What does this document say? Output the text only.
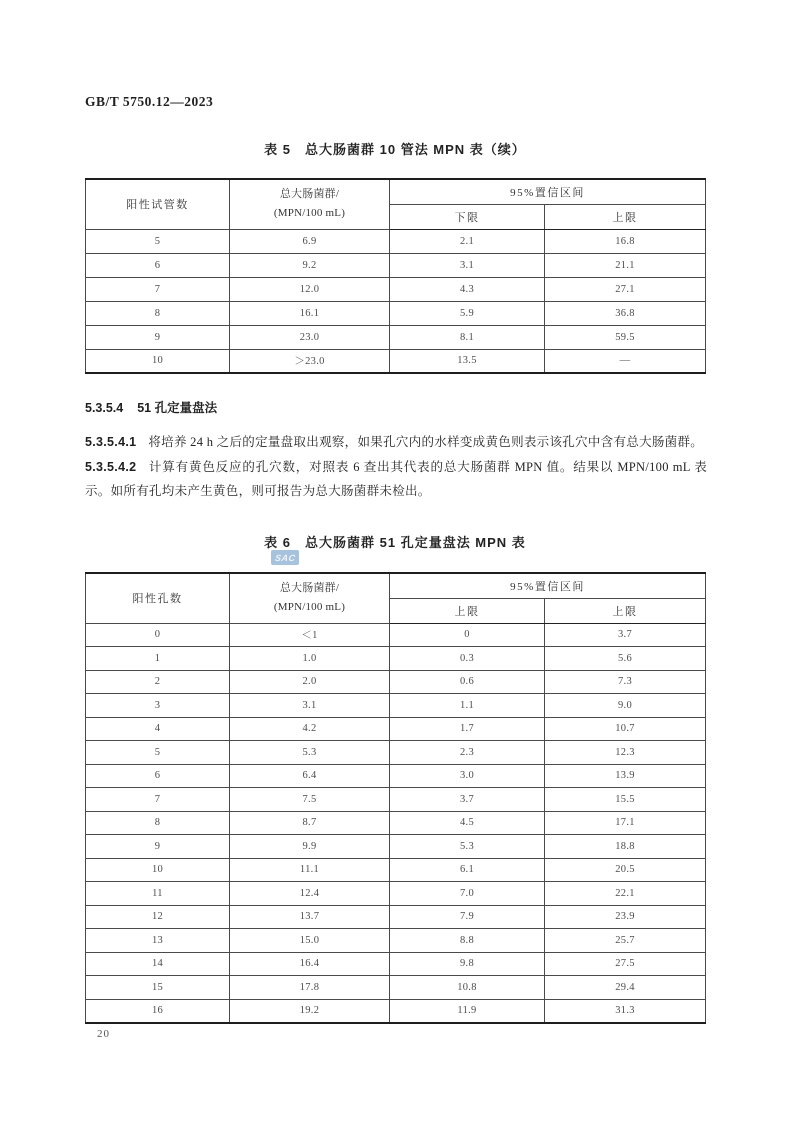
GB/T 5750.12—2023
表 5　总大肠菌群 10 管法 MPN 表（续）
阳性试管数	总大肠菌群/
(MPN/100 mL)	95%置信区间	
		下限	上限
5	6.9	2.1	16.8
6	9.2	3.1	21.1
7	12.0	4.3	27.1
8	16.1	5.9	36.8
9	23.0	8.1	59.5
10	＞23.0	13.5	—
5.3.5.4 51 孔定量盘法
5.3.5.4.1 将培养 24 h 之后的定量盘取出观察，如果孔穴内的水样变成黄色则表示该孔穴中含有总大肠菌群。
5.3.5.4.2 计算有黄色反应的孔穴数，对照表 6 查出其代表的总大肠菌群 MPN 值。结果以 MPN/100 mL 表示。如所有孔均未产生黄色，则可报告为总大肠菌群未检出。
表 6　总大肠菌群 51 孔定量盘法 MPN 表
SAC
阳性孔数	总大肠菌群/
(MPN/100 mL)	95%置信区间	
		上限	上限
0	＜1	0	3.7
1	1.0	0.3	5.6
2	2.0	0.6	7.3
3	3.1	1.1	9.0
4	4.2	1.7	10.7
5	5.3	2.3	12.3
6	6.4	3.0	13.9
7	7.5	3.7	15.5
8	8.7	4.5	17.1
9	9.9	5.3	18.8
10	11.1	6.1	20.5
11	12.4	7.0	22.1
12	13.7	7.9	23.9
13	15.0	8.8	25.7
14	16.4	9.8	27.5
15	17.8	10.8	29.4
16	19.2	11.9	31.3
20
